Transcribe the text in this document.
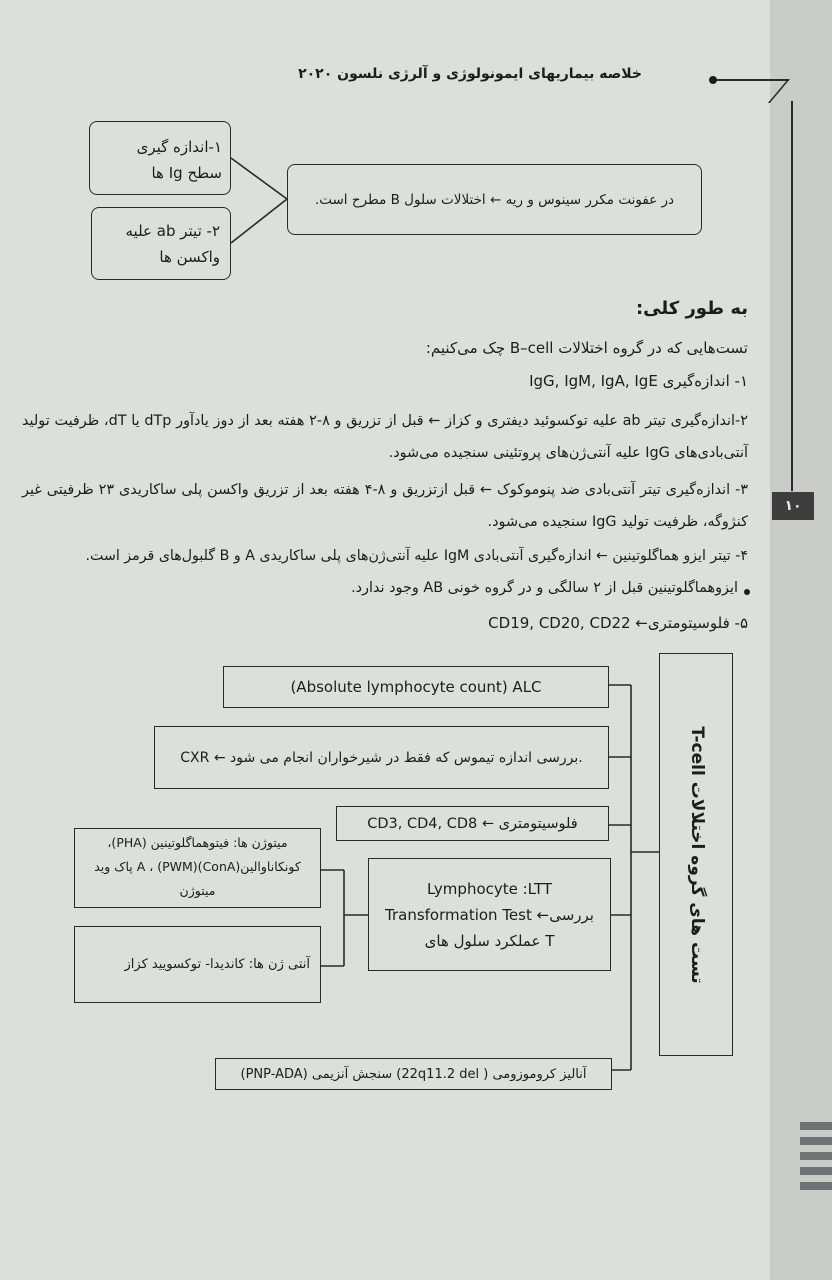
خلاصه بیماریهای ایمونولوژی و آلرژی نلسون ۲۰۲۰
۱-اندازه گیری سطح Ig ها
۲- تیتر ab علیه واکسن ها
در عفونت مکرر سینوس و ریه ← اختلالات سلول B مطرح است.
به طور کلی:
تست‌هایی که در گروه اختلالات B–cell چک می‌کنیم:
۱- اندازه‌گیری IgG, IgM, IgA, IgE
۲-اندازه‌گیری تیتر ab علیه توکسوئید دیفتری و کزاز ← قبل از تزریق و ۸-۲ هفته بعد از دوز یادآور dTp یا dT، ظرفیت تولید آنتی‌بادی‌های IgG علیه آنتی‌ژن‌های پروتئینی سنجیده می‌شود.
۳- اندازه‌گیری تیتر آنتی‌بادی ضد پنوموکوک ← قبل ازتزریق و ۸-۴ هفته بعد از تزریق واکسن پلی ساکاریدی ۲۳ ظرفیتی غیر کنژوگه، ظرفیت تولید IgG سنجیده می‌شود.
۴- تیتر ایزو هماگلوتینین ← اندازه‌گیری آنتی‌بادی IgM علیه آنتی‌ژن‌های پلی ساکاریدی A و B گلبول‌های قرمز است.
ایزوهماگلوتینین قبل از ۲ سالگی و در گروه خونی AB وجود ندارد.
۵- فلوسیتومتری← CD19, CD20, CD22
(Absolute lymphocyte count) ALC
CXR ← بررسی اندازه تیموس که فقط در شیرخواران انجام می شود.
فلوسیتومتری ← CD3, CD4, CD8
Lymphocyte :LTT Transformation Test ←بررسی عملکرد سلول های T
میتوژن ها: فیتوهماگلوتینین (PHA)، کونکاناوالین(ConA)A ، (PWM) پاک وید میتوژن
آنتی ژن ها: کاندیدا- توکسویید کزاز
آنالیز کروموزومی ( 22q11.2 del) سنجش آنزیمی (PNP-ADA)
تست های گروه اختلالات T-cell
۱۰
